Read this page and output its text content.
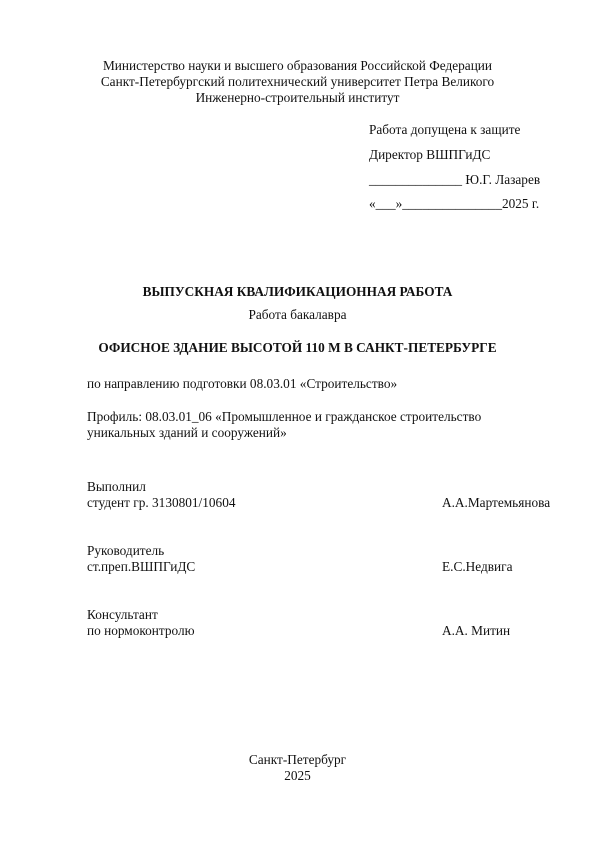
Министерство науки и высшего образования Российской Федерации
Санкт-Петербургский политехнический университет Петра Великого
Инженерно-строительный институт
Работа допущена к защите
Директор ВШПГиДС
______________ Ю.Г. Лазарев
«___»_______________2025 г.
ВЫПУСКНАЯ КВАЛИФИКАЦИОННАЯ РАБОТА
Работа бакалавра
ОФИСНОЕ ЗДАНИЕ ВЫСОТОЙ 110 М В САНКТ-ПЕТЕРБУРГЕ
по направлению подготовки 08.03.01 «Строительство»
Профиль: 08.03.01_06 «Промышленное и гражданское строительство
уникальных зданий и сооружений»
Выполнил
студент гр. 3130801/10604	А.А.Мартемьянова
Руководитель
ст.преп.ВШПГиДС	Е.С.Недвига
Консультант
по нормоконтролю	А.А. Митин
Санкт-Петербург
2025
